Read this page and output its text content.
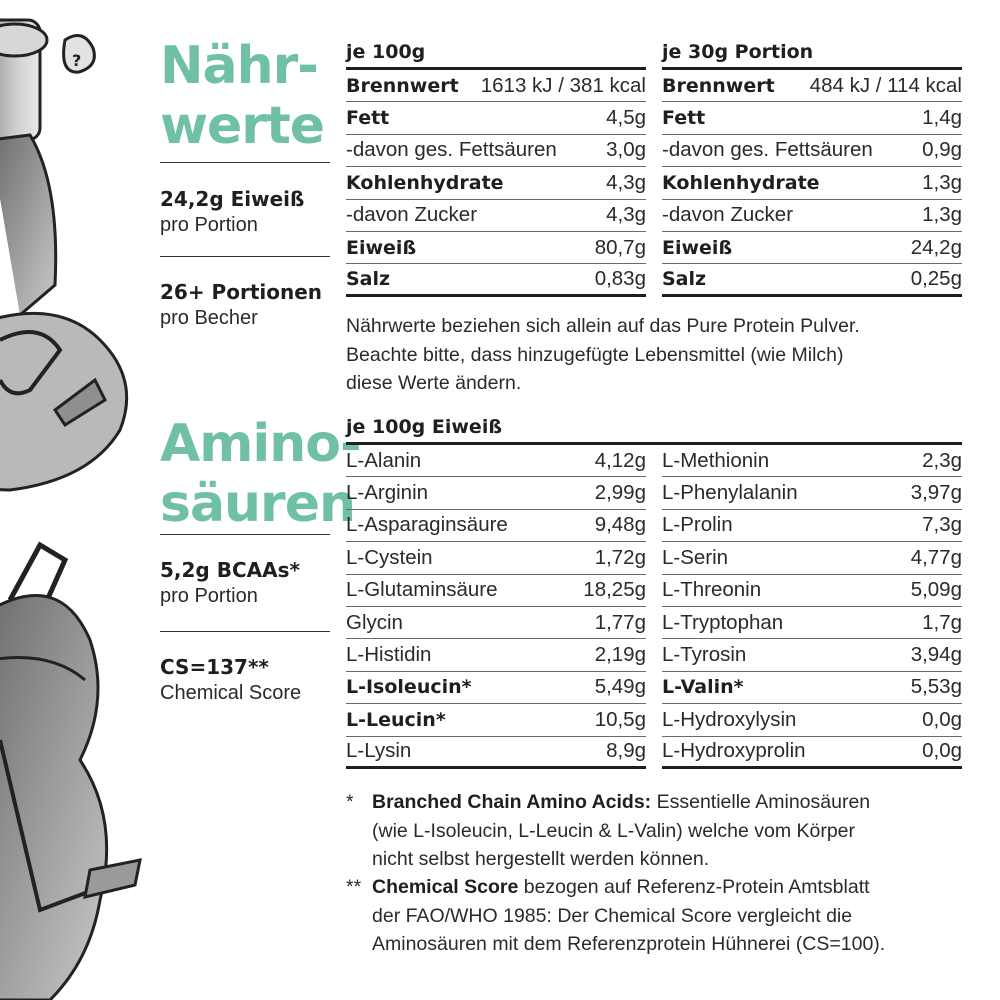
? Nähr-
werte
24,2g Eiweiß
pro Portion
26+ Portionen
pro Becher
je 100g
Brennwert 1613 kJ / 381 kcal
Fett	4,5g
-davon ges. Fettsäuren 3,0g
Kohlenhydrate	4,3g
-davon Zucker	4,3g
Eiweiß	80,7g
Salz	0,83g
je 30g Portion
Brennwert 484 kJ / 114 kcal
Fett	1,4g
-davon ges. Fettsäuren 0,9g
Kohlenhydrate	1,3g
-davon Zucker	1,3g
Eiweiß	24,2g
Salz	0,25g
Nährwerte beziehen sich allein auf das Pure Protein Pulver.
Beachte bitte, dass hinzugefügte Lebensmittel (wie Milch)
diese Werte ändern.
Amino-
säuren
5,2g BCAAs*
pro Portion
CS=137**
Chemical Score
je 100g Eiweiß
L-Alanin	4,12g
L-Arginin	2,99g
L-Asparaginsäure	9,48g
L-Cystein	1,72g
L-Glutaminsäure	18,25g
Glycin	1,77g
L-Histidin	2,19g
L-Isoleucin*	5,49g
L-Leucin*	10,5g
L-Lysin	8,9g
L-Methionin	2,3g
L-Phenylalanin	3,97g
L-Prolin	7,3g
L-Serin	4,77g
L-Threonin	5,09g
L-Tryptophan	1,7g
L-Tyrosin	3,94g
L-Valin*	5,53g
L-Hydroxylysin	0,0g
L-Hydroxyprolin	0,0g
* Branched Chain Amino Acids: Essentielle Aminosäuren
(wie L-Isoleucin, L-Leucin & L-Valin) welche vom Körper
nicht selbst hergestellt werden können.
** Chemical Score bezogen auf Referenz-Protein Amtsblatt
der FAO/WHO 1985: Der Chemical Score vergleicht die
Aminosäuren mit dem Referenzprotein Hühnerei (CS=100).
